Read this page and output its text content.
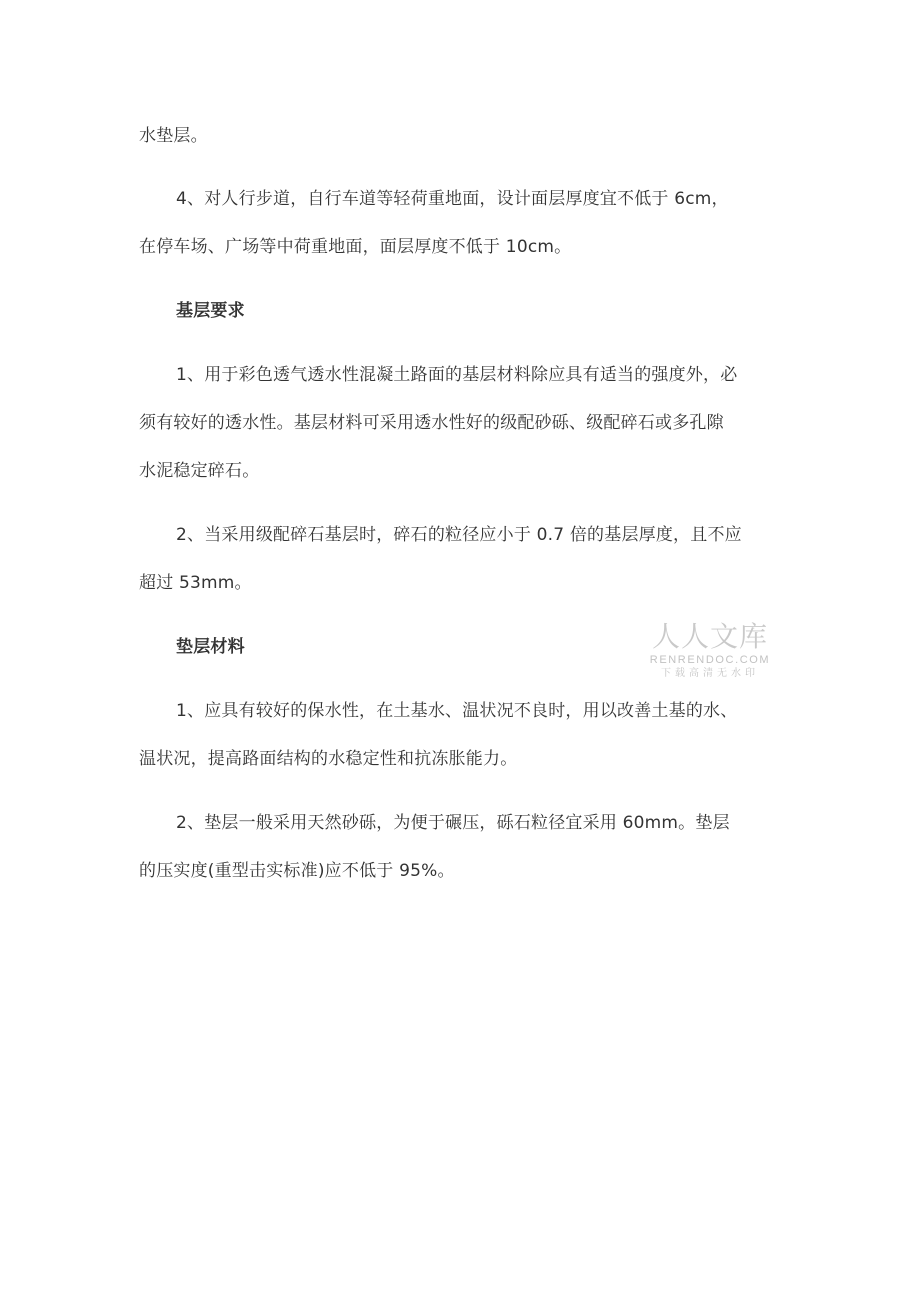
水垫层。
4、对人行步道，自行车道等轻荷重地面，设计面层厚度宜不低于 6cm，
在停车场、广场等中荷重地面，面层厚度不低于 10cm。
基层要求
1、用于彩色透气透水性混凝土路面的基层材料除应具有适当的强度外，必
须有较好的透水性。基层材料可采用透水性好的级配砂砾、级配碎石或多孔隙
水泥稳定碎石。
2、当采用级配碎石基层时，碎石的粒径应小于 0.7 倍的基层厚度，且不应
超过 53mm。
垫层材料
1、应具有较好的保水性，在土基水、温状况不良时，用以改善土基的水、
温状况，提高路面结构的水稳定性和抗冻胀能力。
2、垫层一般采用天然砂砾，为便于碾压，砾石粒径宜采用 60mm。垫层
的压实度(重型击实标准)应不低于 95%。
人人文库
RENRENDOC.COM
下载高清无水印
